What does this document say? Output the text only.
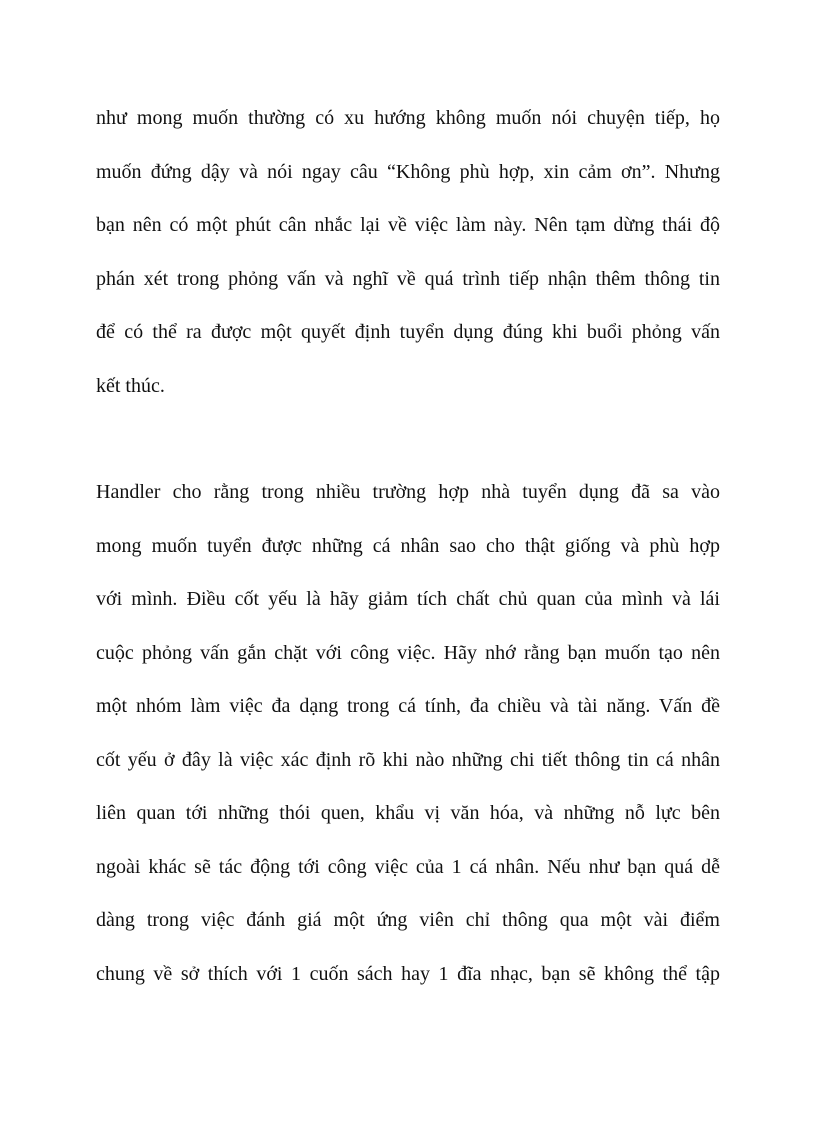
như mong muốn thường có xu hướng không muốn nói chuyện tiếp, họ
muốn đứng dậy và nói ngay câu “Không phù hợp, xin cảm ơn”. Nhưng
bạn nên có một phút cân nhắc lại về việc làm này. Nên tạm dừng thái độ
phán xét trong phỏng vấn và nghĩ về quá trình tiếp nhận thêm thông tin
để có thể ra được một quyết định tuyển dụng đúng khi buổi phỏng vấn
kết thúc.
Handler cho rằng trong nhiều trường hợp nhà tuyển dụng đã sa vào
mong muốn tuyển được những cá nhân sao cho thật giống và phù hợp
với mình. Điều cốt yếu là hãy giảm tích chất chủ quan của mình và lái
cuộc phỏng vấn gắn chặt với công việc. Hãy nhớ rằng bạn muốn tạo nên
một nhóm làm việc đa dạng trong cá tính, đa chiều và tài năng. Vấn đề
cốt yếu ở đây là việc xác định rõ khi nào những chi tiết thông tin cá nhân
liên quan tới những thói quen, khẩu vị văn hóa, và những nỗ lực bên
ngoài khác sẽ tác động tới công việc của 1 cá nhân. Nếu như bạn quá dễ
dàng trong việc đánh giá một ứng viên chỉ thông qua một vài điểm
chung về sở thích với 1 cuốn sách hay 1 đĩa nhạc, bạn sẽ không thể tập
